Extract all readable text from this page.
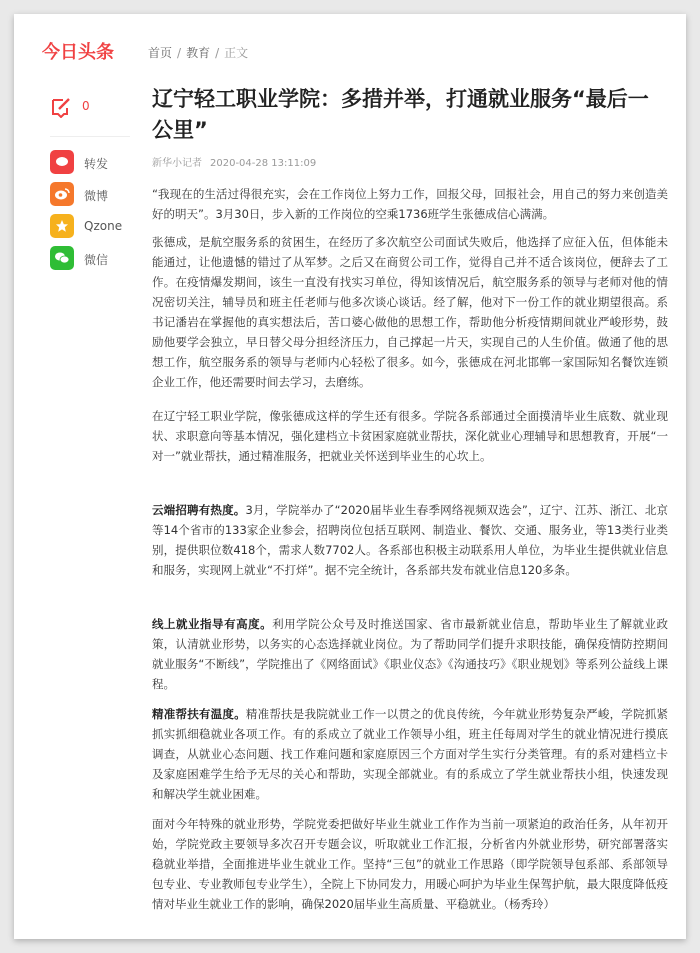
今日头条	首页 / 教育 / 正文
0
转发
微博
Qzone
微信
辽宁轻工职业学院：多措并举，打通就业服务“最后一公里”
新华小记者 2020-04-28 13:11:09

“我现在的生活过得很充实，会在工作岗位上努力工作，回报父母，回报社会，用自己的努力来创造美好的明天”。3月30日，步入新的工作岗位的空乘1736班学生张德成信心满满。

张德成，是航空服务系的贫困生，在经历了多次航空公司面试失败后，他选择了应征入伍，但体能未能通过，让他遗憾的错过了从军梦。之后又在商贸公司工作，觉得自己并不适合该岗位，便辞去了工作。在疫情爆发期间，该生一直没有找实习单位，得知该情况后，航空服务系的领导与老师对他的情况密切关注，辅导员和班主任老师与他多次谈心谈话。经了解，他对下一份工作的就业期望很高。系书记潘岩在掌握他的真实想法后，苦口婆心做他的思想工作，帮助他分析疫情期间就业严峻形势，鼓励他要学会独立，早日替父母分担经济压力，自己撑起一片天，实现自己的人生价值。做通了他的思想工作，航空服务系的领导与老师内心轻松了很多。如今，张德成在河北邯郸一家国际知名餐饮连锁企业工作，他还需要时间去学习，去磨练。

在辽宁轻工职业学院，像张德成这样的学生还有很多。学院各系部通过全面摸清毕业生底数、就业现状、求职意向等基本情况，强化建档立卡贫困家庭就业帮扶，深化就业心理辅导和思想教育，开展“一对一”就业帮扶，通过精准服务，把就业关怀送到毕业生的心坎上。

云端招聘有热度。3月，学院举办了“2020届毕业生春季网络视频双选会”，辽宁、江苏、浙江、北京等14个省市的133家企业参会，招聘岗位包括互联网、制造业、餐饮、交通、服务业，等13类行业类别，提供职位数418个，需求人数7702人。各系部也积极主动联系用人单位，为毕业生提供就业信息和服务，实现网上就业“不打烊”。据不完全统计，各系部共发布就业信息120多条。

线上就业指导有高度。利用学院公众号及时推送国家、省市最新就业信息，帮助毕业生了解就业政策，认清就业形势，以务实的心态选择就业岗位。为了帮助同学们提升求职技能，确保疫情防控期间就业服务“不断线”，学院推出了《网络面试》《职业仪态》《沟通技巧》《职业规划》等系列公益线上课程。

精准帮扶有温度。精准帮扶是我院就业工作一以贯之的优良传统，今年就业形势复杂严峻，学院抓紧抓实抓细稳就业各项工作。有的系成立了就业工作领导小组，班主任每周对学生的就业情况进行摸底调查，从就业心态问题、找工作难问题和家庭原因三个方面对学生实行分类管理。有的系对建档立卡及家庭困难学生给予无尽的关心和帮助，实现全部就业。有的系成立了学生就业帮扶小组，快速发现和解决学生就业困难。

面对今年特殊的就业形势，学院党委把做好毕业生就业工作作为当前一项紧迫的政治任务，从年初开始，学院党政主要领导多次召开专题会议，听取就业工作汇报，分析省内外就业形势，研究部署落实稳就业举措，全面推进毕业生就业工作。坚持“三包”的就业工作思路（即学院领导包系部、系部领导包专业、专业教师包专业学生），全院上下协同发力，用暖心呵护为毕业生保驾护航，最大限度降低疫情对毕业生就业工作的影响，确保2020届毕业生高质量、平稳就业。（杨秀玲）
